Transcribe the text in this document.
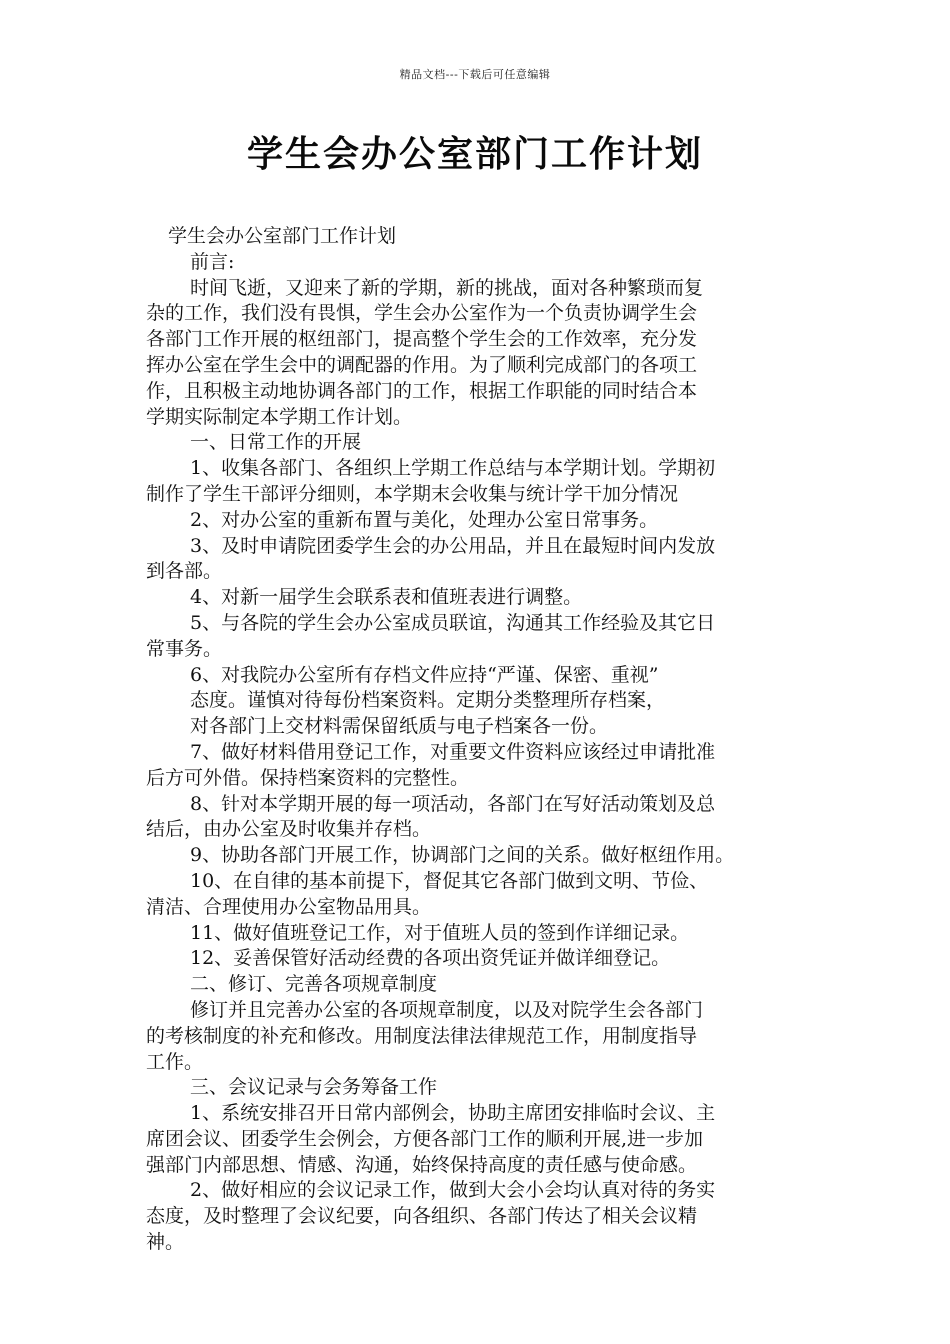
精品文档---下载后可任意编辑
学生会办公室部门工作计划
学生会办公室部门工作计划
前言:
时间飞逝，又迎来了新的学期，新的挑战，面对各种繁琐而复
杂的工作，我们没有畏惧，学生会办公室作为一个负责协调学生会
各部门工作开展的枢纽部门，提高整个学生会的工作效率，充分发
挥办公室在学生会中的调配器的作用。为了顺利完成部门的各项工
作，且积极主动地协调各部门的工作，根据工作职能的同时结合本
学期实际制定本学期工作计划。
一、日常工作的开展
1、收集各部门、各组织上学期工作总结与本学期计划。学期初
制作了学生干部评分细则，本学期末会收集与统计学干加分情况
2、对办公室的重新布置与美化，处理办公室日常事务。
3、及时申请院团委学生会的办公用品，并且在最短时间内发放
到各部。
4、对新一届学生会联系表和值班表进行调整。
5、与各院的学生会办公室成员联谊，沟通其工作经验及其它日
常事务。
6、对我院办公室所有存档文件应持“严谨、保密、重视”
态度。谨慎对待每份档案资料。定期分类整理所存档案，
对各部门上交材料需保留纸质与电子档案各一份。
7、做好材料借用登记工作，对重要文件资料应该经过申请批准
后方可外借。保持档案资料的完整性。
8、针对本学期开展的每一项活动，各部门在写好活动策划及总
结后，由办公室及时收集并存档。
9、协助各部门开展工作，协调部门之间的关系。做好枢纽作用。
10、在自律的基本前提下，督促其它各部门做到文明、节俭、
清洁、合理使用办公室物品用具。
11、做好值班登记工作，对于值班人员的签到作详细记录。
12、妥善保管好活动经费的各项出资凭证并做详细登记。
二、修订、完善各项规章制度
修订并且完善办公室的各项规章制度，以及对院学生会各部门
的考核制度的补充和修改。用制度法律法律规范工作，用制度指导
工作。
三、会议记录与会务筹备工作
1、系统安排召开日常内部例会，协助主席团安排临时会议、主
席团会议、团委学生会例会，方便各部门工作的顺利开展,进一步加
强部门内部思想、情感、沟通，始终保持高度的责任感与使命感。
2、做好相应的会议记录工作，做到大会小会均认真对待的务实
态度，及时整理了会议纪要，向各组织、各部门传达了相关会议精
神。
